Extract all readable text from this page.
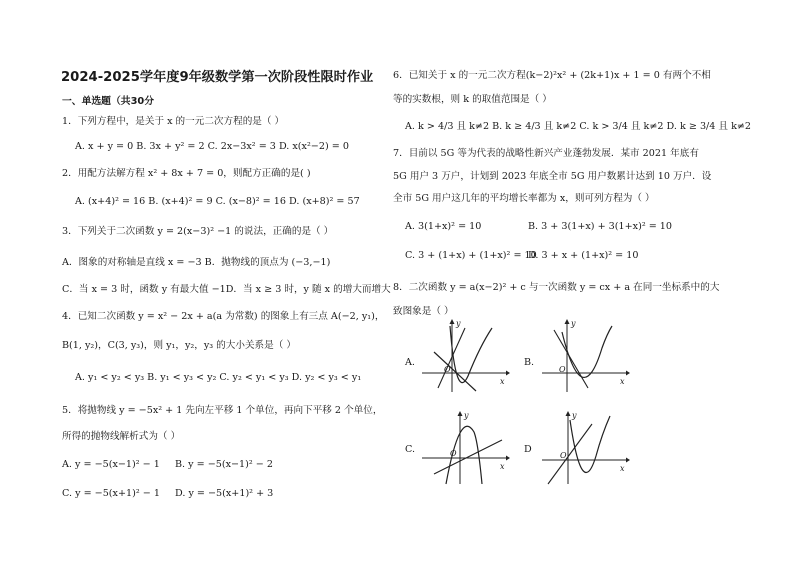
2024-2025学年度9年级数学第一次阶段性限时作业
一、单选题（共30分
1．下列方程中，是关于 x 的一元二次方程的是（ ）
A. x + y = 0 B. 3x + y² = 2 C. 2x−3x² = 3 D. x(x²−2) = 0
2．用配方法解方程 x² + 8x + 7 = 0，则配方正确的是( )
A. (x+4)² = 16 B. (x+4)² = 9 C. (x−8)² = 16 D. (x+8)² = 57
3．下列关于二次函数 y = 2(x−3)² −1 的说法，正确的是（ ）
A．图象的对称轴是直线 x = −3 B．抛物线的顶点为 (−3,−1)
C．当 x = 3 时，函数 y 有最大值 −1D．当 x ≥ 3 时，y 随 x 的增大而增大
4．已知二次函数 y = x² − 2x + a(a 为常数) 的图象上有三点 A(−2, y₁)，
B(1, y₂)，C(3, y₃)，则 y₁，y₂，y₃ 的大小关系是（ ）
A. y₁ < y₂ < y₃ B. y₁ < y₃ < y₂ C. y₂ < y₁ < y₃ D. y₂ < y₃ < y₁
5．将抛物线 y = −5x² + 1 先向左平移 1 个单位，再向下平移 2 个单位，
所得的抛物线解析式为（ ）
A. y = −5(x−1)² − 1 B. y = −5(x−1)² − 2
C. y = −5(x+1)² − 1 D. y = −5(x+1)² + 3
6．已知关于 x 的一元二次方程(k−2)²x² + (2k+1)x + 1 = 0 有两个不相
等的实数根，则 k 的取值范围是（ ）
A. k > 4/3 且 k≠2 B. k ≥ 4/3 且 k≠2 C. k > 3/4 且 k≠2 D. k ≥ 3/4 且 k≠2
7．目前以 5G 等为代表的战略性新兴产业蓬勃发展．某市 2021 年底有
5G 用户 3 万户，计划到 2023 年底全市 5G 用户数累计达到 10 万户．设
全市 5G 用户这几年的平均增长率都为 x，则可列方程为（ ）
A. 3(1+x)² = 10	B. 3 + 3(1+x) + 3(1+x)² = 10
C. 3 + (1+x) + (1+x)² = 10
D. 3 + x + (1+x)² = 10
8．二次函数 y = a(x−2)² + c 与一次函数 y = cx + a 在同一坐标系中的大
致图象是（ ）
A.
y
x
O
B.
y
x
O
C.
y
x
O	D
y
x
O
